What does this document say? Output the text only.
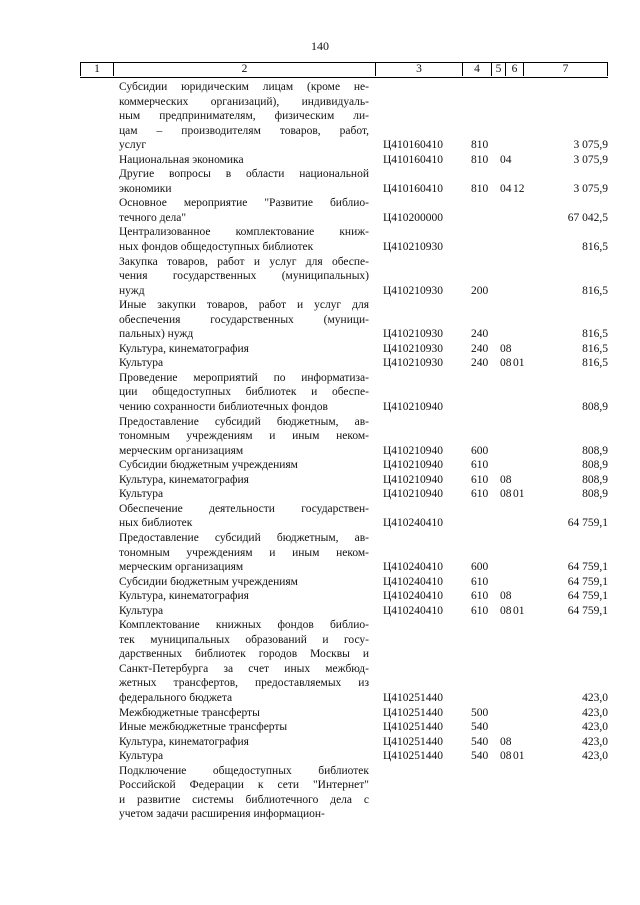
140
1	2	3	4	5 6	7
Субсидии юридическим лицам (кроме не-
коммерческих организаций), индивидуаль-
ным предпринимателям, физическим ли-
цам – производителям товаров, работ,
услуг	Ц410160410 810	3 075,9
Национальная экономика	Ц410160410 810 04	3 075,9
Другие вопросы в области национальной
экономики	Ц410160410 810 04 12	3 075,9
Основное мероприятие "Развитие библио-
течного дела"	Ц410200000	67 042,5
Централизованное комплектование книж-
ных фондов общедоступных библиотек	Ц410210930	816,5
Закупка товаров, работ и услуг для обеспе-
чения государственных (муниципальных)
нужд	Ц410210930 200	816,5
Иные закупки товаров, работ и услуг для
обеспечения государственных (муници-
пальных) нужд	Ц410210930 240	816,5
Культура, кинематография	Ц410210930 240 08	816,5
Культура	Ц410210930 240 08 01	816,5
Проведение мероприятий по информатиза-
ции общедоступных библиотек и обеспе-
чению сохранности библиотечных фондов	Ц410210940	808,9
Предоставление субсидий бюджетным, ав-
тономным учреждениям и иным неком-
мерческим организациям	Ц410210940 600	808,9
Субсидии бюджетным учреждениям	Ц410210940 610	808,9
Культура, кинематография	Ц410210940 610 08	808,9
Культура	Ц410210940 610 08 01	808,9
Обеспечение деятельности государствен-
ных библиотек	Ц410240410	64 759,1
Предоставление субсидий бюджетным, ав-
тономным учреждениям и иным неком-
мерческим организациям	Ц410240410 600	64 759,1
Субсидии бюджетным учреждениям	Ц410240410 610	64 759,1
Культура, кинематография	Ц410240410 610 08	64 759,1
Культура	Ц410240410 610 08 01	64 759,1
Комплектование книжных фондов библио-
тек муниципальных образований и госу-
дарственных библиотек городов Москвы и
Санкт-Петербурга за счет иных межбюд-
жетных трансфертов, предоставляемых из
федерального бюджета	Ц410251440	423,0
Межбюджетные трансферты	Ц410251440 500	423,0
Иные межбюджетные трансферты	Ц410251440 540	423,0
Культура, кинематография	Ц410251440 540 08	423,0
Культура	Ц410251440 540 08 01	423,0
Подключение общедоступных библиотек
Российской Федерации к сети "Интернет"
и развитие системы библиотечного дела с
учетом задачи расширения информацион-
